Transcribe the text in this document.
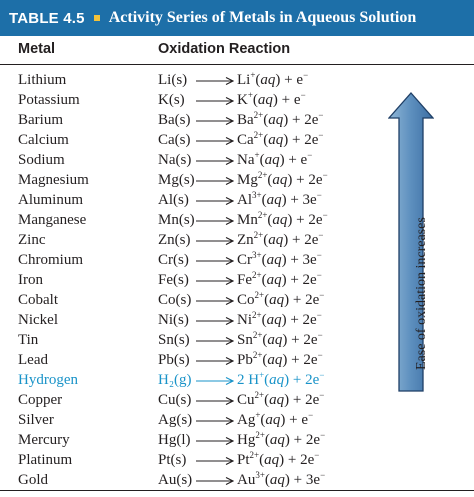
TABLE 4.5 Activity Series of Metals in Aqueous Solution
Metal	Oxidation Reaction
Lithium	Li(s) → Li+(aq) + e−
Potassium	K(s) → K+(aq) + e−
Barium	$Ba(s) \to Ba^{2+}(aq) + 2e^-$
Calcium	$Ca(s) \to Ca^{2+}(aq) + 2e^-$
Sodium	Na(s) → Na+(aq) + e−
Magnesium	$Mg(s)\to Mg^{2+}(aq) + 2e^-$
Aluminum	$Al(s) \to Al^{3+}(aq) + 3e^-$
Manganese	$Mn(s)\to Mn^{2+}(aq) + 2e^-$
Zinc	$Zn(s) \to Zn^{2+}(aq) + 2e^-$
Chromium	$Cr(s) \to Cr^{3+}(aq) + 3e^-$
Iron	$Fe(s) \to Fe^{2+}(aq) + 2e^-$
Cobalt	$Co(s) \to Co^{2+}(aq) + 2e^-$
Nickel	$Ni(s) \to Ni^{2+}(aq) + 2e^-$
Tin	$Sn(s) \to Sn^{2+}(aq) + 2e^-$
Lead	$Pb(s) \to Pb^{2+}(aq) + 2e^-$
Hydrogen	H₂(g) → 2 H+(aq) + 2e−
Copper	$Cu(s) \to Cu^{2+}(aq) + 2e^-$
Silver	Ag(s) → Ag+(aq) + e−
Mercury	$Hg(l) \to Hg^{2+}(aq) + 2e^-$
Platinum	$Pt(s) \to Pt^{2+}(aq) + 2e^-$
Gold	$Au(s) \to Au^{3+}(aq) + 3e^-$
Ease of oxidation increases
